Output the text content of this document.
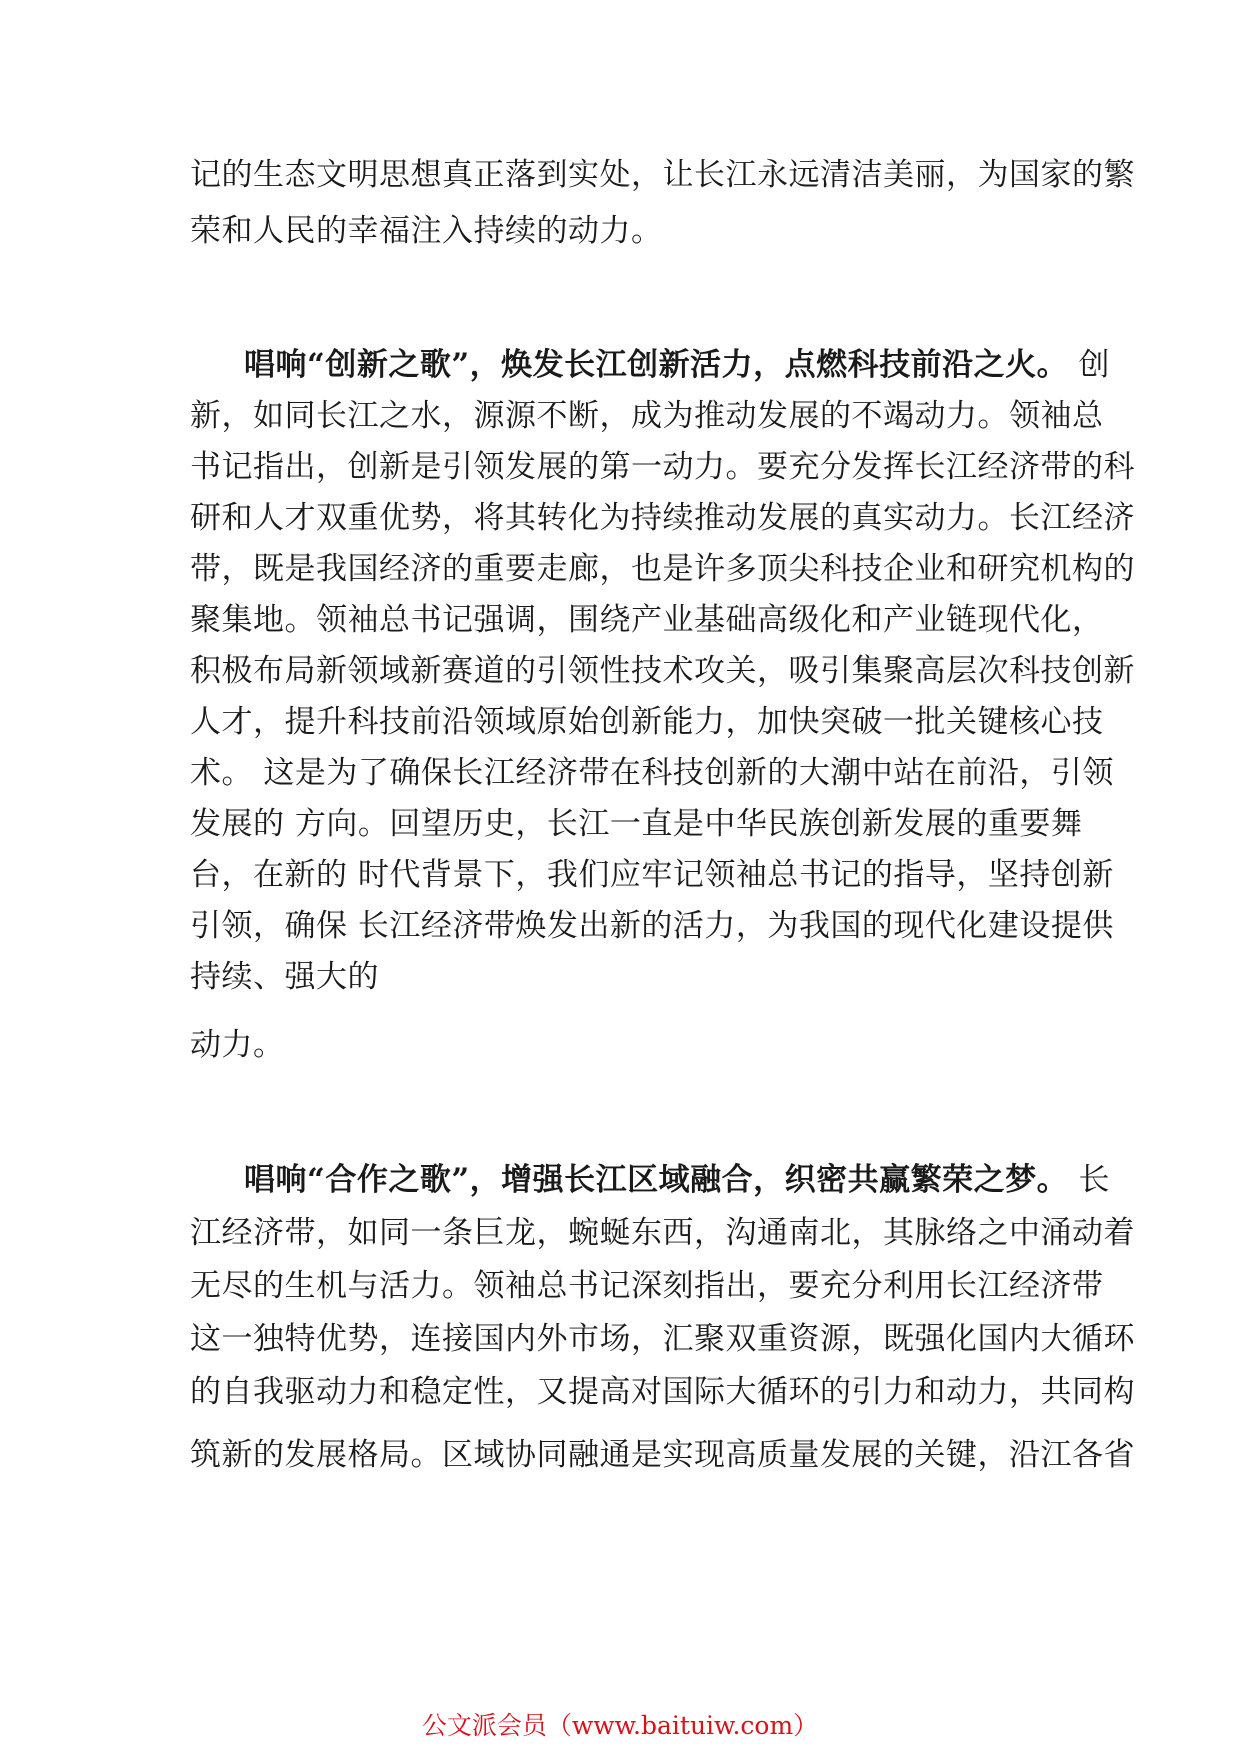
记的生态文明思想真正落到实处，让长江永远清洁美丽，为国家的繁
荣和人民的幸福注入持续的动力。
唱响“创新之歌”，焕发长江创新活力，点燃科技前沿之火。 创
新，如同长江之水，源源不断，成为推动发展的不竭动力。领袖总
书记指出，创新是引领发展的第一动力。要充分发挥长江经济带的科
研和人才双重优势，将其转化为持续推动发展的真实动力。长江经济
带，既是我国经济的重要走廊，也是许多顶尖科技企业和研究机构的
聚集地。领袖总书记强调，围绕产业基础高级化和产业链现代化，
积极布局新领域新赛道的引领性技术攻关，吸引集聚高层次科技创新
人才，提升科技前沿领域原始创新能力，加快突破一批关键核心技
术。 这是为了确保长江经济带在科技创新的大潮中站在前沿，引领
发展的 方向。回望历史，长江一直是中华民族创新发展的重要舞
台，在新的 时代背景下，我们应牢记领袖总书记的指导，坚持创新
引领，确保 长江经济带焕发出新的活力，为我国的现代化建设提供
持续、强大的
动力。
唱响“合作之歌”，增强长江区域融合，织密共赢繁荣之梦。 长
江经济带，如同一条巨龙，蜿蜒东西，沟通南北，其脉络之中涌动着
无尽的生机与活力。领袖总书记深刻指出，要充分利用长江经济带
这一独特优势，连接国内外市场，汇聚双重资源，既强化国内大循环
的自我驱动力和稳定性，又提高对国际大循环的引力和动力，共同构
筑新的发展格局。区域协同融通是实现高质量发展的关键，沿江各省
公文派会员（www.baituiw.com）
